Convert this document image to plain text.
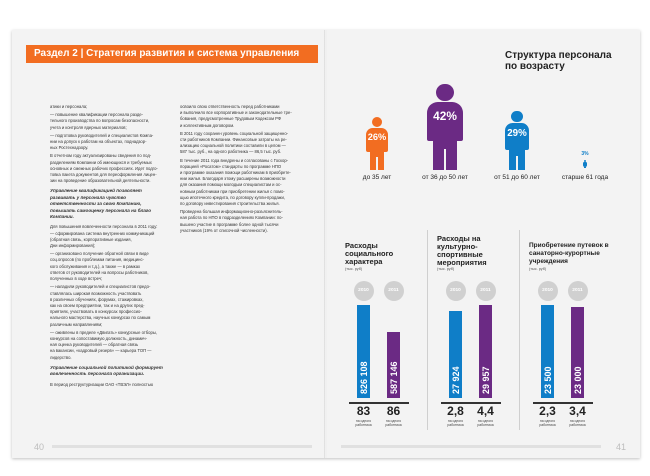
Раздел 2 | Стратегия развития и система управления

атики и персонала;

— повышение квалификации персонала разде-
тельного производства по вопросам безопасности,
учета и контроля ядерных материалов;

— подготовка руководителей и специалистов Компа-
нии на допуск к работам на объектах, поднадзор-
ных Ростехнадзору.

В отчетном году актуализированы сведения по под-
разделениям Компании об имеющихся и требуемых
основных и смежных рабочих профессиях. Идет подго-
товка пакета документов для переоформления лицен-
зии на проведение образовательной деятельности.

Управление квалификацией позволяет развивать у персонала чувство ответственности за свою Компанию, повышать самооценку персонала на благо Компании.

Для повышения вовлеченности персонала в 2011 году:
— сформирована система внутренних коммуникаций
(обратная связь, корпоративные издания,
Дни информирования);

— организовано получение обратной связи в виде
соц.опросов (по проблемам питания, медицинс-
кого обслуживания и т.д.), а также — в рамках
ответов от руководителей на вопросы работников,
полученных в ходе встреч;

— наладили руководителей и специалистов предо-
ставлялась широкая возможность участвовать
в различных обучениях, форумах, стажировках,
как на своем предприятии, так и на других пред-
приятиях, участвовать в конкурсах профессио-
нального мастерства, научных конкурсах по самым
различным направлениям;

— оживлены в пределе «Двигать» конкурсные отборы,
конкурсов на сопоставимую должность, динамич-
ная оценка руководителей — обратная связь
на вакансии, «кадровый резерв» — карьера ТОП — лидерство.

Управление социальной политикой формирует вовлеченность персонала организации.

В период реструктуризации ОАО «ТВЭЛ» полностью

освоило свою ответственность перед работниками
и выполнило все корпоративные и законодательные тре-
бования, предусмотренные Трудовым Кодексом РФ
и коллективным договором.

В 2011 году сохранен уровень социальной защищенно-
сти работников Компании. Финансовые затраты на ре-
ализацию социальной политики составили в целом —
587 тыс. руб., на одного работника — 86,5 тыс. руб.

В течение 2011 года внедрены и согласованы с Госкор-
порацией «Росатом» стандарты по программе НПО
и программе оказания помощи работникам в приобрете-
нии жилья. Благодаря этому расширены возможности
для оказания помощи молодым специалистам и ос-
новным работникам при приобретении жилья с помо-
щью ипотечного кредита, по договору купли-продажи,
по договору инвестирования строительства жилья.

Проведена большая информационно-разъяснитель-
ная работа по НПО в подразделениях Компании: по-
вышено участие в программе более одной тысячи
участников (19% от списочной численности).

40
Структура персонала по возрасту
26%
до 35 лет
42%
от 36 до 50 лет
29%
от 51 до 60 лет
3%
старше 61 года
Расходы социального характера
(тыс. руб)
2010
826 108
83
на одного работника
2011
587 146
86
на одного работника
Расходы на культурно-спортивные мероприятия
(тыс. руб)
2010
27 924
2,8
на одного работника
2011
29 957
4,4
на одного работника
Приобретение путевок в санаторно-курортные учреждения
(тыс. руб)
2010
23 500
2,3
на одного работника
2011
23 000
3,4
на одного работника
41
